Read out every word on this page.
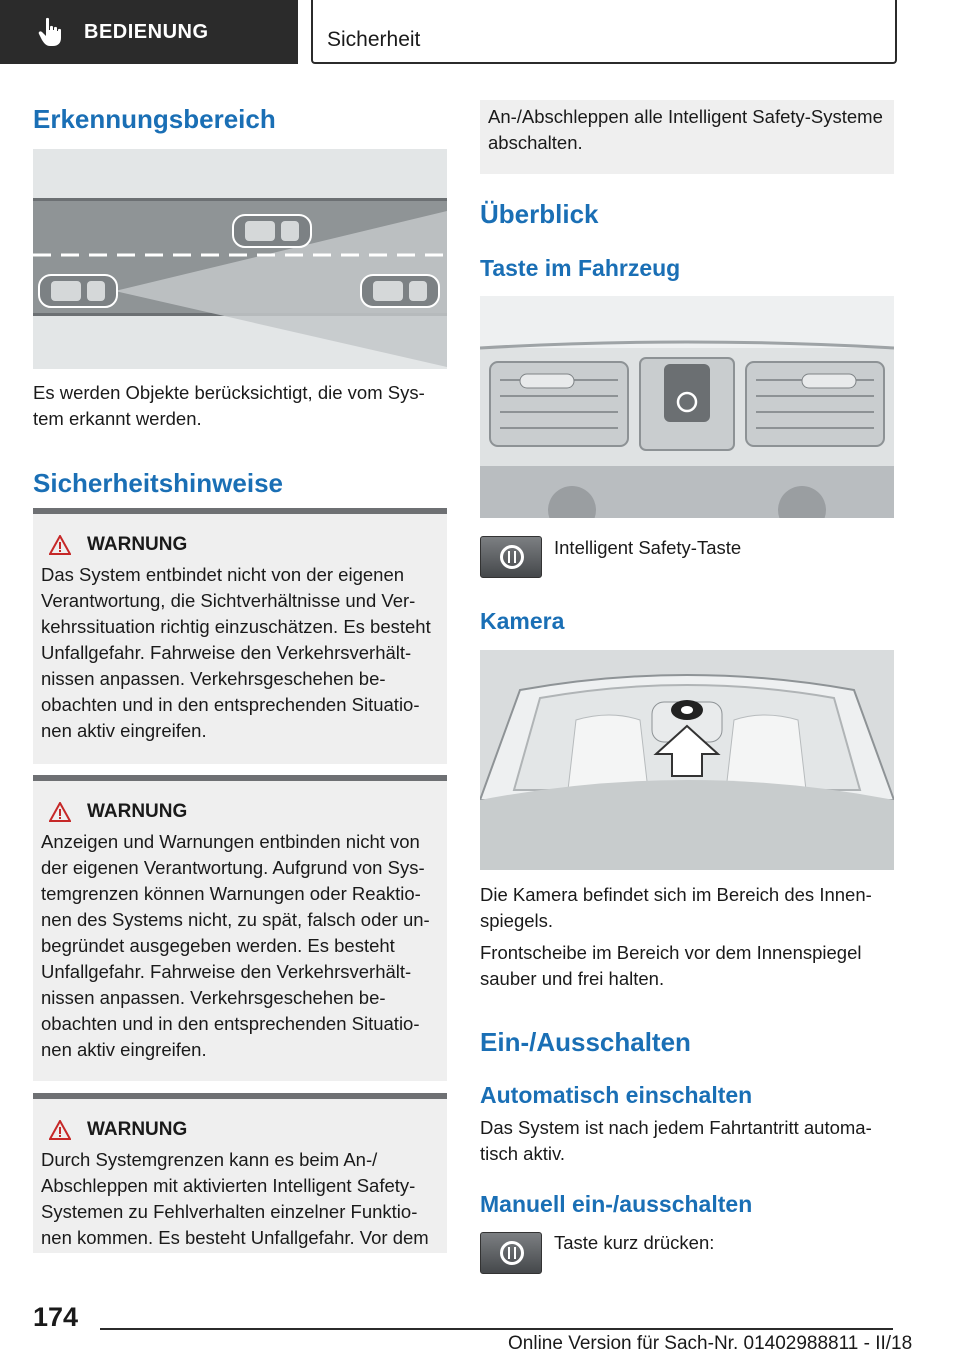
BEDIENUNG	Sicherheit
Erkennungsbereich

Es werden Objekte berücksichtigt, die vom System erkannt werden.

Sicherheitshinweise
WARNUNG
Das System entbindet nicht von der eigenen Verantwortung, die Sichtverhältnisse und Verkehrssituation richtig einzuschätzen. Es besteht Unfallgefahr. Fahrweise den Verkehrsverhältnissen anpassen. Verkehrsgeschehen beobachten und in den entsprechenden Situationen aktiv eingreifen.
WARNUNG
Anzeigen und Warnungen entbinden nicht von der eigenen Verantwortung. Aufgrund von Systemgrenzen können Warnungen oder Reaktionen des Systems nicht, zu spät, falsch oder unbegründet ausgegeben werden. Es besteht Unfallgefahr. Fahrweise den Verkehrsverhältnissen anpassen. Verkehrsgeschehen beobachten und in den entsprechenden Situationen aktiv eingreifen.
WARNUNG
Durch Systemgrenzen kann es beim An-/ Abschleppen mit aktivierten Intelligent Safety-Systemen zu Fehlverhalten einzelner Funktionen kommen. Es besteht Unfallgefahr. Vor dem
An-/Abschleppen alle Intelligent Safety-Systeme abschalten.
Überblick
Taste im Fahrzeug

Intelligent Safety-Taste

Kamera

Die Kamera befindet sich im Bereich des Innenspiegels.

Frontscheibe im Bereich vor dem Innenspiegel sauber und frei halten.

Ein-/Ausschalten
Automatisch einschalten

Das System ist nach jedem Fahrtantritt automatisch aktiv.

Manuell ein-/ausschalten

Taste kurz drücken:

174
Online Version für Sach-Nr. 01402988811 - II/18
